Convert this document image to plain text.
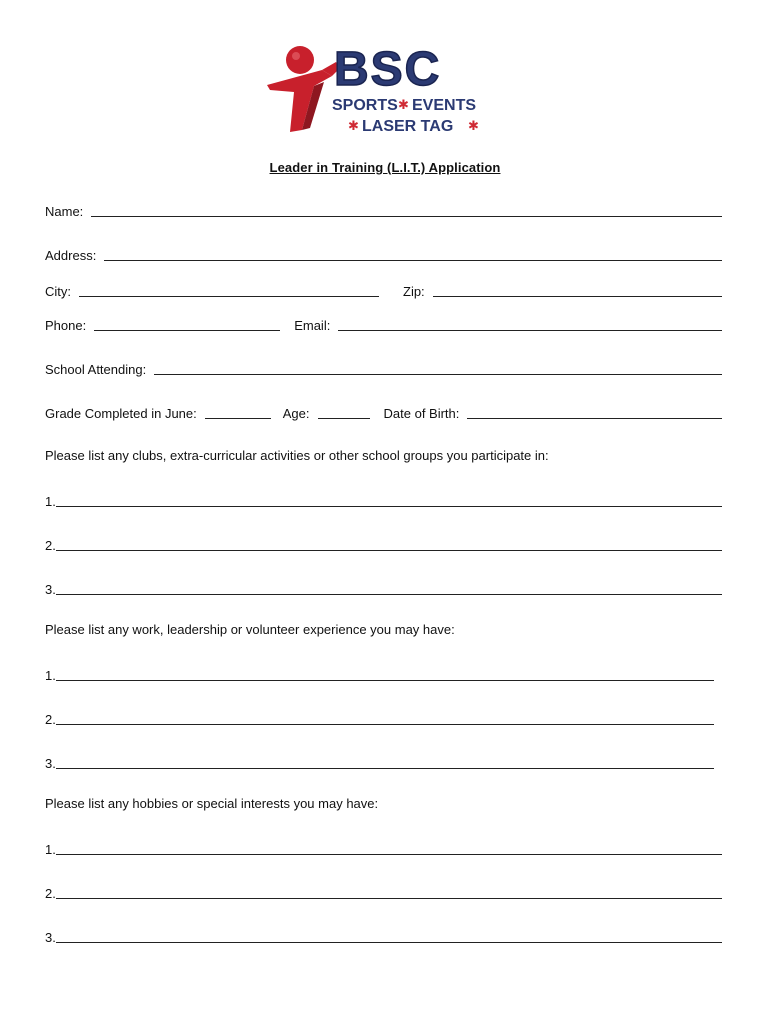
BSC
SPORTS ✱ EVENTS
✱ LASER TAG ✱
Leader in Training (L.I.T.) Application
Name:
Address:
City:	Zip:
Phone:	Email:
School Attending:
Grade Completed in June:	Age:	Date of Birth:
Please list any clubs, extra-curricular activities or other school groups you participate in:
1.
2.
3.
Please list any work, leadership or volunteer experience you may have:
1.
2.
3.
Please list any hobbies or special interests you may have:
1.
2.
3.
